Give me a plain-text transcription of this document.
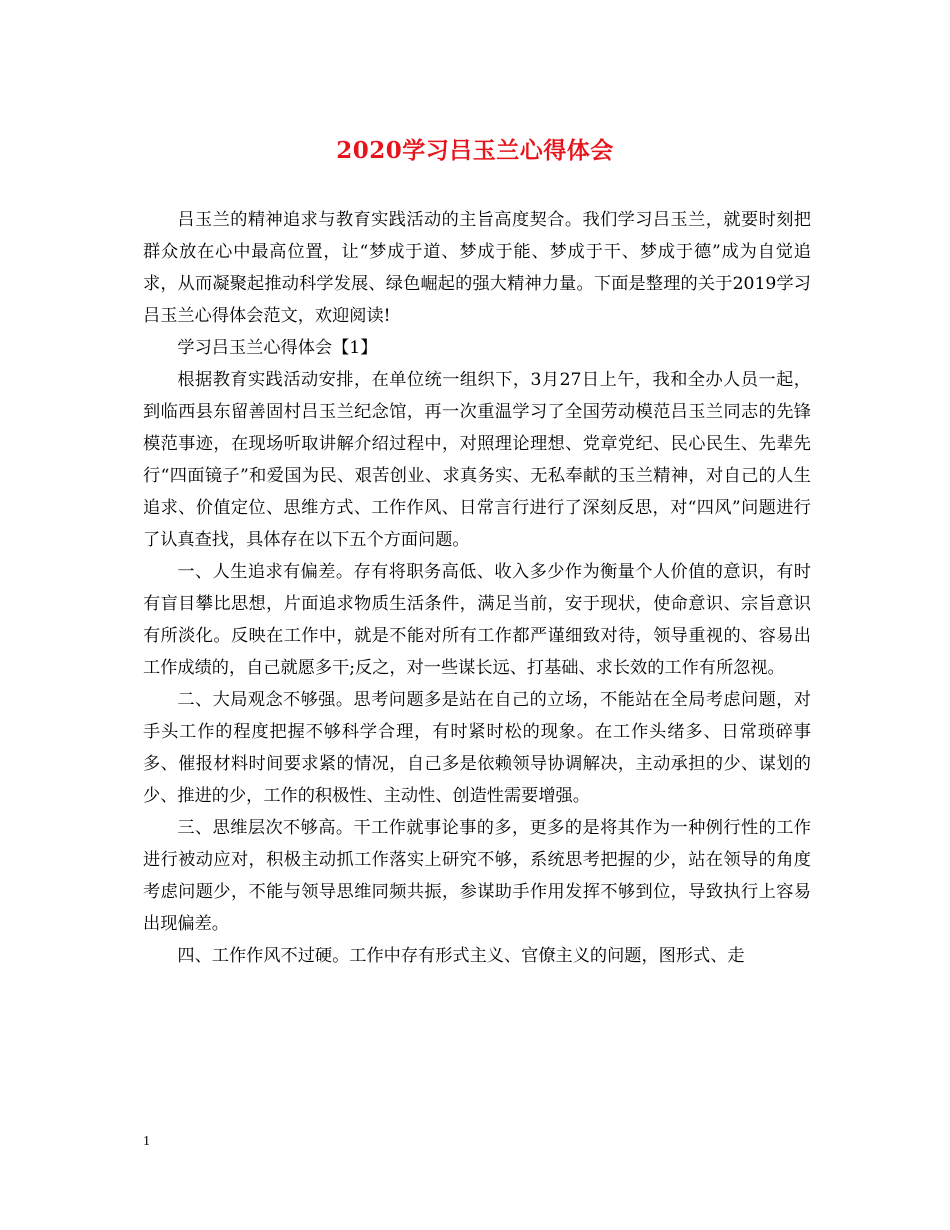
2020学习吕玉兰心得体会

吕玉兰的精神追求与教育实践活动的主旨高度契合。我们学习吕玉兰，就要时刻把群众放在心中最高位置，让“梦成于道、梦成于能、梦成于干、梦成于德”成为自觉追求，从而凝聚起推动科学发展、绿色崛起的强大精神力量。下面是整理的关于2019学习吕玉兰心得体会范文，欢迎阅读!

学习吕玉兰心得体会【1】

根据教育实践活动安排，在单位统一组织下，3月27日上午，我和全办人员一起，到临西县东留善固村吕玉兰纪念馆，再一次重温学习了全国劳动模范吕玉兰同志的先锋模范事迹，在现场听取讲解介绍过程中，对照理论理想、党章党纪、民心民生、先辈先行“四面镜子”和爱国为民、艰苦创业、求真务实、无私奉献的玉兰精神，对自己的人生追求、价值定位、思维方式、工作作风、日常言行进行了深刻反思，对“四风”问题进行了认真查找，具体存在以下五个方面问题。

一、人生追求有偏差。存有将职务高低、收入多少作为衡量个人价值的意识，有时有盲目攀比思想，片面追求物质生活条件，满足当前，安于现状，使命意识、宗旨意识有所淡化。反映在工作中，就是不能对所有工作都严谨细致对待，领导重视的、容易出工作成绩的，自己就愿多干;反之，对一些谋长远、打基础、求长效的工作有所忽视。

二、大局观念不够强。思考问题多是站在自己的立场，不能站在全局考虑问题，对手头工作的程度把握不够科学合理，有时紧时松的现象。在工作头绪多、日常琐碎事多、催报材料时间要求紧的情况，自己多是依赖领导协调解决，主动承担的少、谋划的少、推进的少，工作的积极性、主动性、创造性需要增强。

三、思维层次不够高。干工作就事论事的多，更多的是将其作为一种例行性的工作进行被动应对，积极主动抓工作落实上研究不够，系统思考把握的少，站在领导的角度考虑问题少，不能与领导思维同频共振，参谋助手作用发挥不够到位，导致执行上容易出现偏差。

四、工作作风不过硬。工作中存有形式主义、官僚主义的问题，图形式、走

1
